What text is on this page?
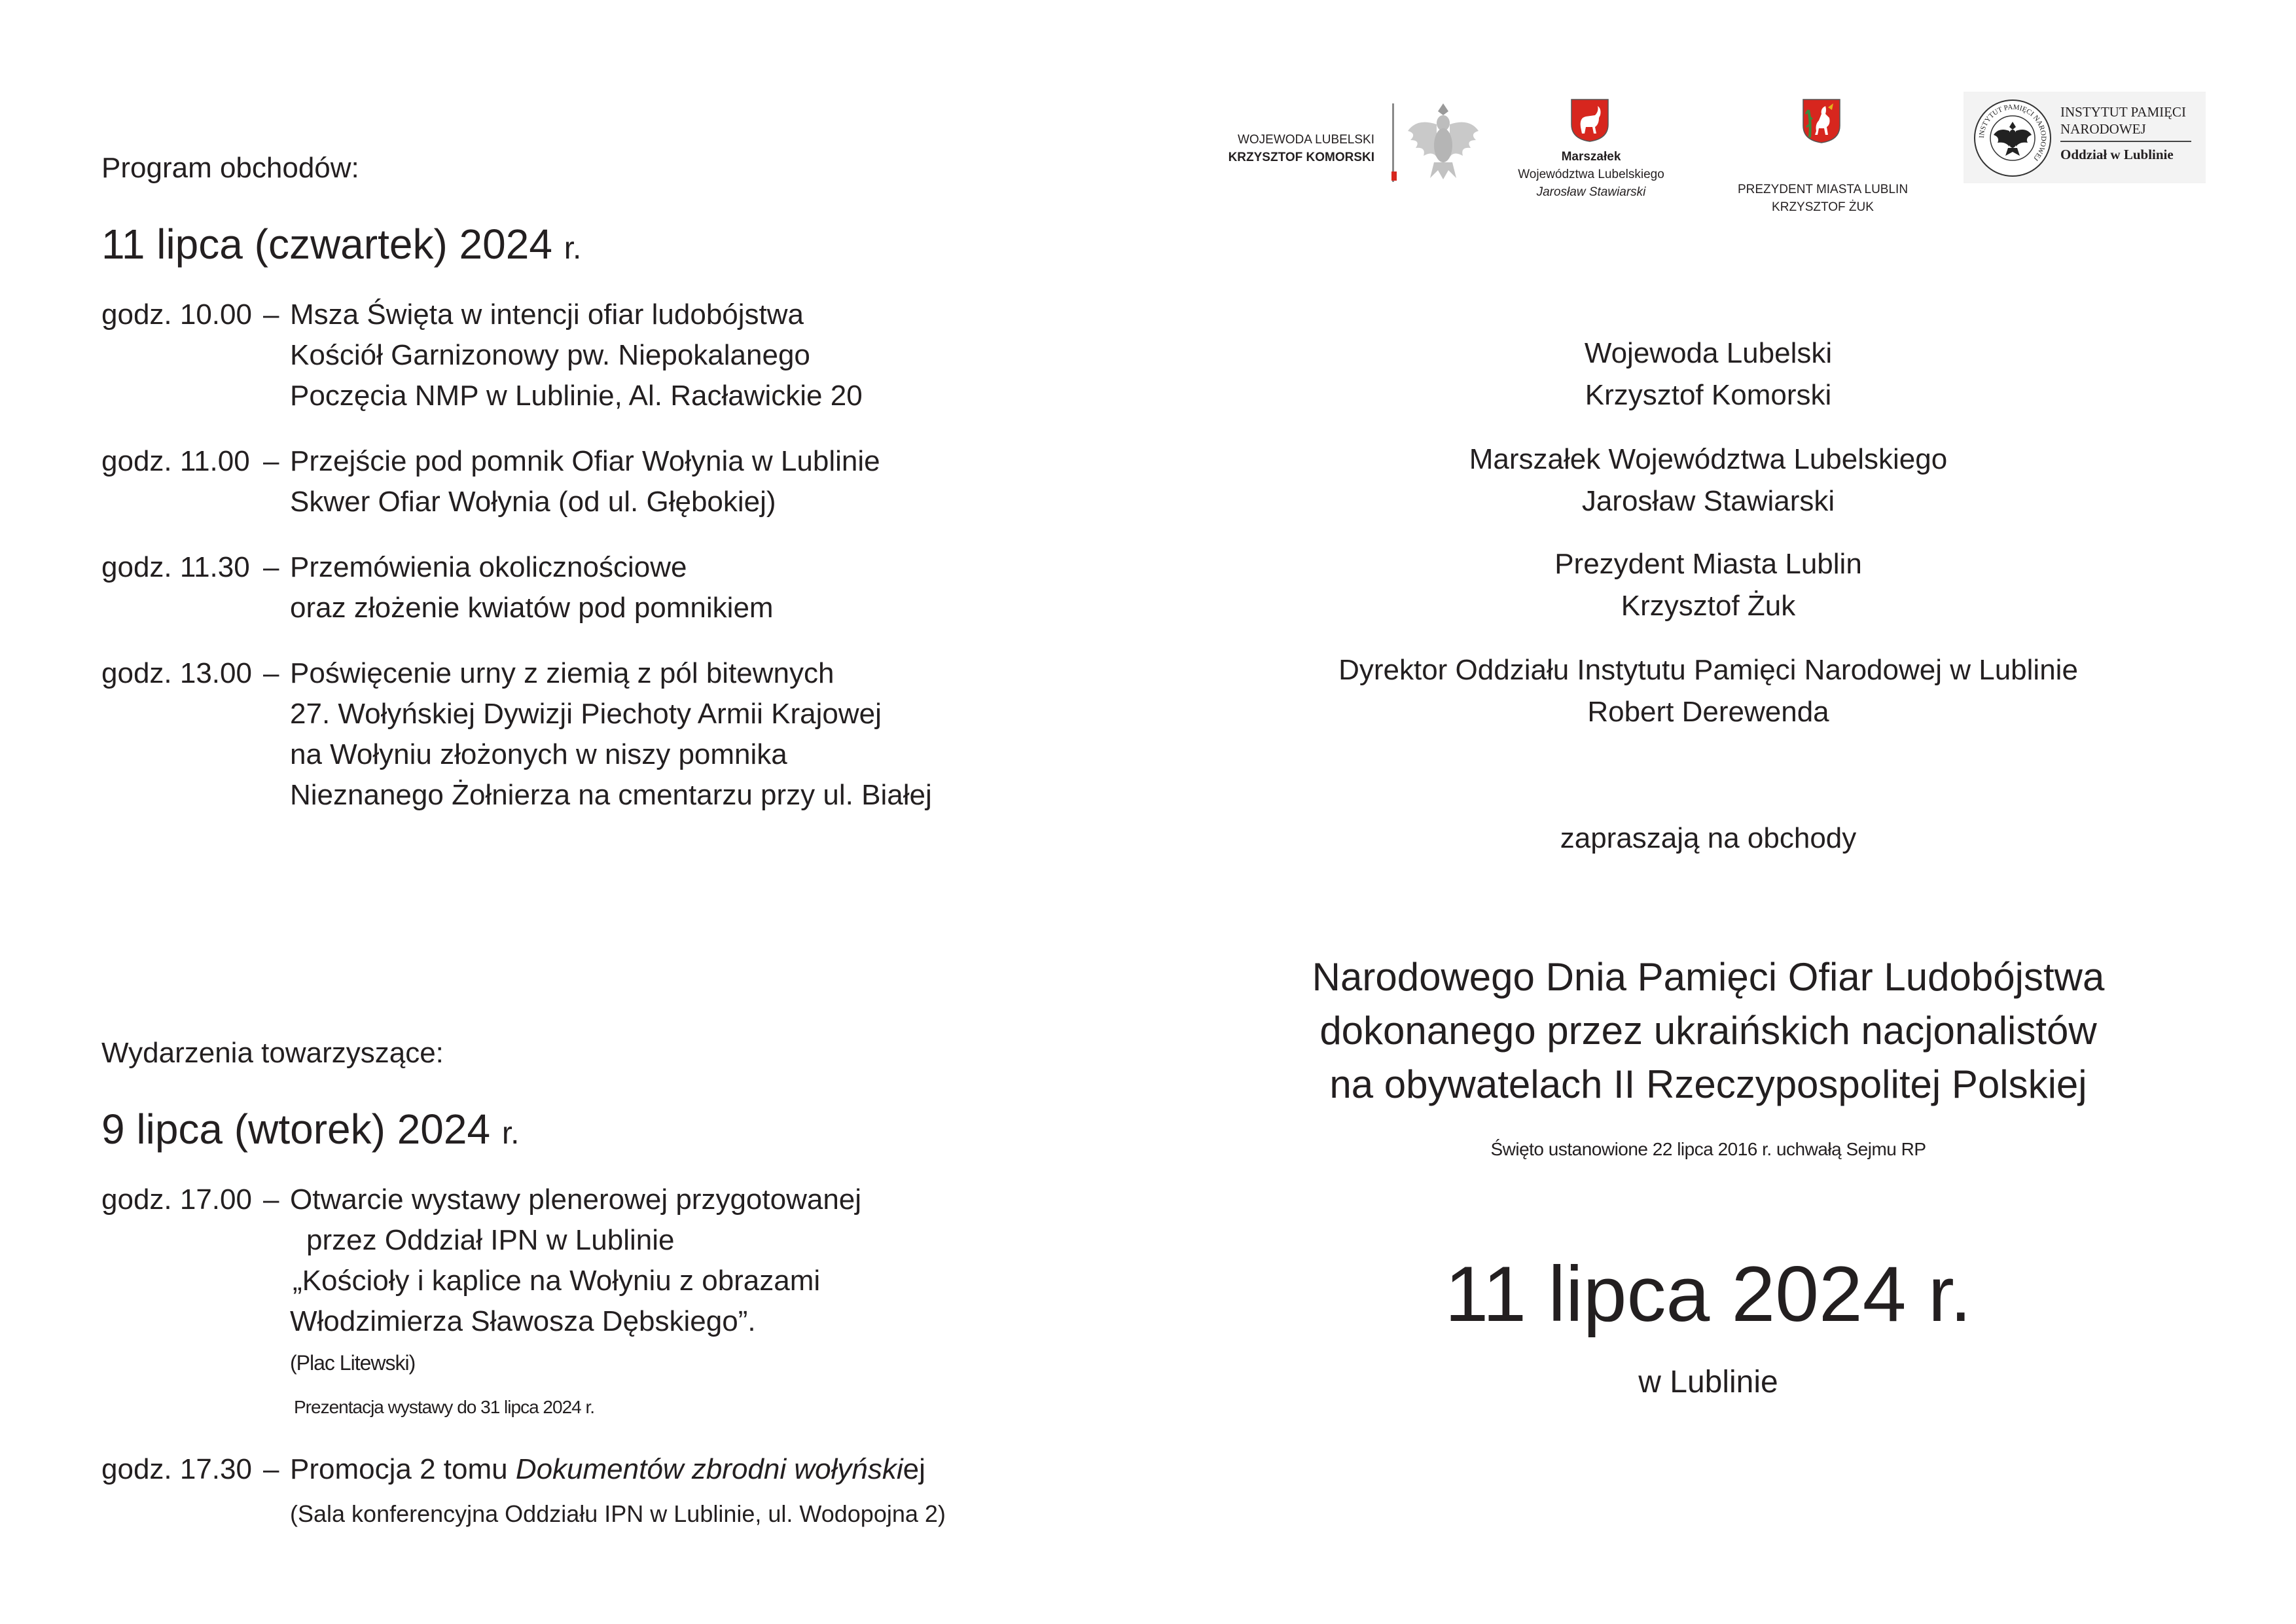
Program obchodów:
11 lipca (czwartek) 2024 r.
godz. 10.00 – Msza Święta w intencji ofiar ludobójstwa
Kościół Garnizonowy pw. Niepokalanego
Poczęcia NMP w Lublinie, Al. Racławickie 20
godz. 11.00 – Przejście pod pomnik Ofiar Wołynia w Lublinie
Skwer Ofiar Wołynia (od ul. Głębokiej)
godz. 11.30 – Przemówienia okolicznościowe
oraz złożenie kwiatów pod pomnikiem
godz. 13.00 – Poświęcenie urny z ziemią z pól bitewnych
27. Wołyńskiej Dywizji Piechoty Armii Krajowej
na Wołyniu złożonych w niszy pomnika
Nieznanego Żołnierza na cmentarzu przy ul. Białej
Wydarzenia towarzyszące:
9 lipca (wtorek) 2024 r.
godz. 17.00 – Otwarcie wystawy plenerowej przygotowanej
przez Oddział IPN w Lublinie
„Kościoły i kaplice na Wołyniu z obrazami
Włodzimierza Sławosza Dębskiego”.
(Plac Litewski)
Prezentacja wystawy do 31 lipca 2024 r.
godz. 17.30 – Promocja 2 tomu Dokumentów zbrodni wołyńskiej
(Sala konferencyjna Oddziału IPN w Lublinie, ul. Wodopojna 2)
WOJEWODA LUBELSKI
KRZYSZTOF KOMORSKI	Marszałek
Województwa Lubelskiego
Jarosław Stawiarski	PREZYDENT MIASTA LUBLIN
KRZYSZTOF ŻUK
INSTYTUT PAMIĘCI NARODOWEJ
INSTYTUT PAMIĘCI
NARODOWEJ
Oddział w Lublinie
Wojewoda Lubelski
Krzysztof Komorski
Marszałek Województwa Lubelskiego
Jarosław Stawiarski
Prezydent Miasta Lublin
Krzysztof Żuk
Dyrektor Oddziału Instytutu Pamięci Narodowej w Lublinie
Robert Derewenda
zapraszają na obchody
Narodowego Dnia Pamięci Ofiar Ludobójstwa
dokonanego przez ukraińskich nacjonalistów
na obywatelach II Rzeczypospolitej Polskiej
Święto ustanowione 22 lipca 2016 r. uchwałą Sejmu RP
11 lipca 2024 r.
w Lublinie
